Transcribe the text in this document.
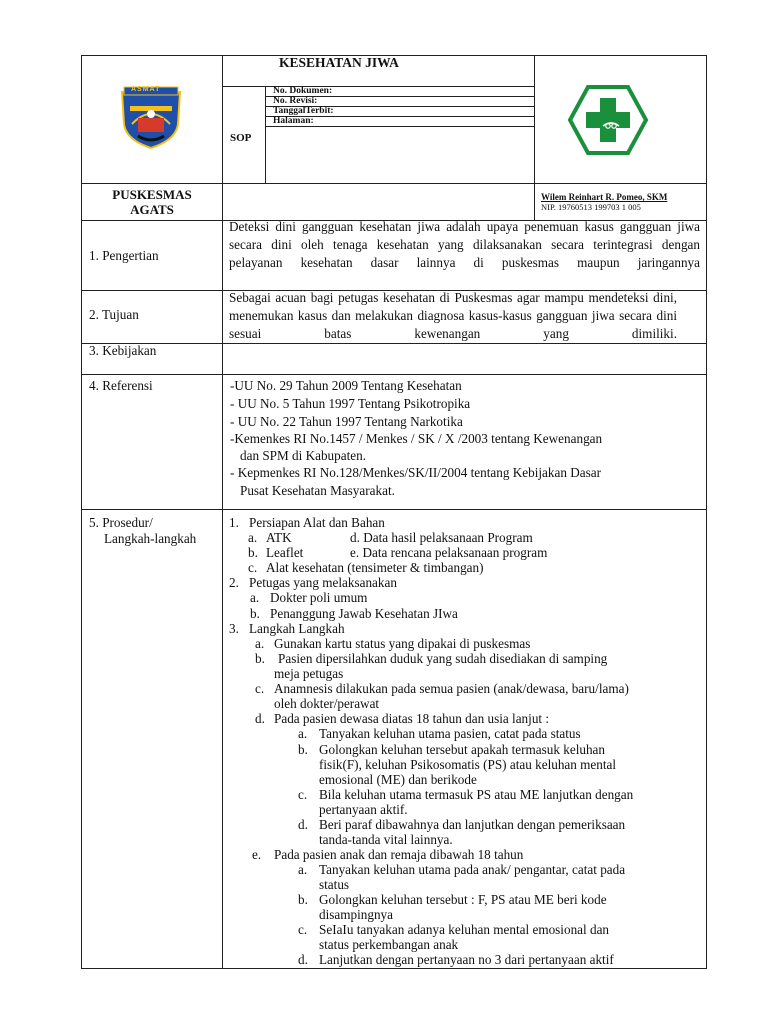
ASMAT
KESEHATAN JIWA
SOP
No. Dokumen:
No. Revisi:
TanggalTerbit:
Halaman:
PUSKESMAS
AGATS
Wilem Reinhart R. Pomeo, SKM
NIP. 19760513 199703 1 005
1. Pengertian
Deteksi dini gangguan kesehatan jiwa adalah upaya penemuan kasus gangguan jiwa secara dini oleh tenaga kesehatan yang dilaksanakan secara terintegrasi dengan pelayanan kesehatan dasar lainnya di puskesmas maupun jaringannya
2. Tujuan
Sebagai acuan bagi petugas kesehatan di Puskesmas agar mampu mendeteksi dini, menemukan kasus dan melakukan diagnosa kasus-kasus gangguan jiwa secara dini sesuai batas kewenangan yang dimiliki.
3. Kebijakan
4. Referensi	-UU No. 29 Tahun 2009 Tentang Kesehatan
- UU No. 5 Tahun 1997 Tentang Psikotropika
- UU No. 22 Tahun 1997 Tentang Narkotika
-Kemenkes RI No.1457 / Menkes / SK / X /2003 tentang Kewenangan
dan SPM di Kabupaten.
- Kepmenkes RI No.128/Menkes/SK/II/2004 tentang Kebijakan Dasar
Pusat Kesehatan Masyarakat.
5. Prosedur/
Langkah-langkah
1. Persiapan Alat dan Bahan
a. ATK	d. Data hasil pelaksanaan Program
b. Leaflet	e. Data rencana pelaksanaan program
c. Alat kesehatan (tensimeter & timbangan)
2. Petugas yang melaksanakan
a. Dokter poli umum
b. Penanggung Jawab Kesehatan JIwa
3. Langkah Langkah
a. Gunakan kartu status yang dipakai di puskesmas
b. Pasien dipersilahkan duduk yang sudah disediakan di samping
meja petugas
c. Anamnesis dilakukan pada semua pasien (anak/dewasa, baru/lama)
oleh dokter/perawat
d. Pada pasien dewasa diatas 18 tahun dan usia lanjut :
a. Tanyakan keluhan utama pasien, catat pada status
b. Golongkan keluhan tersebut apakah termasuk keluhan
fisik(F), keluhan Psikosomatis (PS) atau keluhan mental
emosional (ME) dan berikode
c. Bila keluhan utama termasuk PS atau ME lanjutkan dengan
pertanyaan aktif.
d. Beri paraf dibawahnya dan lanjutkan dengan pemeriksaan
tanda-tanda vital lainnya.
e. Pada pasien anak dan remaja dibawah 18 tahun
a. Tanyakan keluhan utama pada anak/ pengantar, catat pada
status
b. Golongkan keluhan tersebut : F, PS atau ME beri kode
disampingnya
c. SeIaIu tanyakan adanya keluhan mental emosional dan
status perkembangan anak
d. Lanjutkan dengan pertanyaan no 3 dari pertanyaan aktif
